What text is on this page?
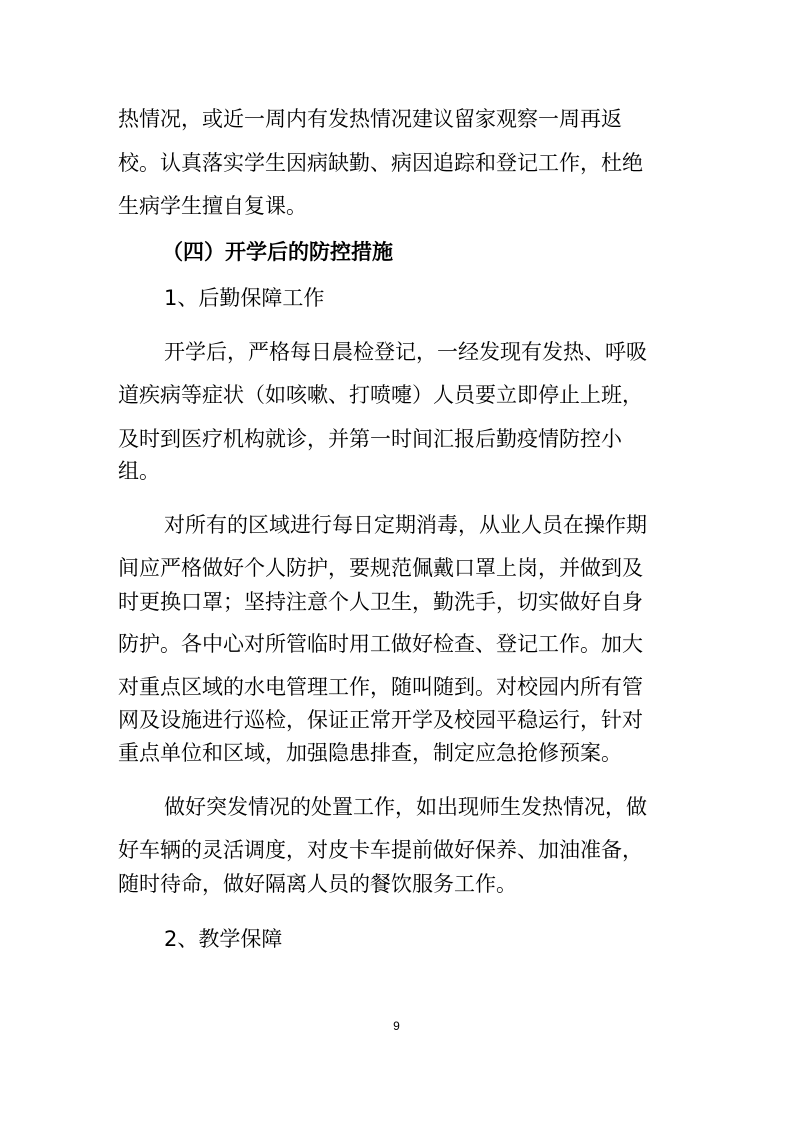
热情况，或近一周内有发热情况建议留家观察一周再返
校。认真落实学生因病缺勤、病因追踪和登记工作，杜绝
生病学生擅自复课。
（四）开学后的防控措施
1、后勤保障工作
开学后，严格每日晨检登记，一经发现有发热、呼吸
道疾病等症状（如咳嗽、打喷嚏）人员要立即停止上班，
及时到医疗机构就诊，并第一时间汇报后勤疫情防控小
组。
对所有的区域进行每日定期消毒，从业人员在操作期
间应严格做好个人防护，要规范佩戴口罩上岗，并做到及
时更换口罩；坚持注意个人卫生，勤洗手，切实做好自身
防护。各中心对所管临时用工做好检查、登记工作。加大
对重点区域的水电管理工作，随叫随到。对校园内所有管
网及设施进行巡检，保证正常开学及校园平稳运行，针对
重点单位和区域，加强隐患排查，制定应急抢修预案。
做好突发情况的处置工作，如出现师生发热情况，做
好车辆的灵活调度，对皮卡车提前做好保养、加油准备，
随时待命，做好隔离人员的餐饮服务工作。
2、教学保障
9
